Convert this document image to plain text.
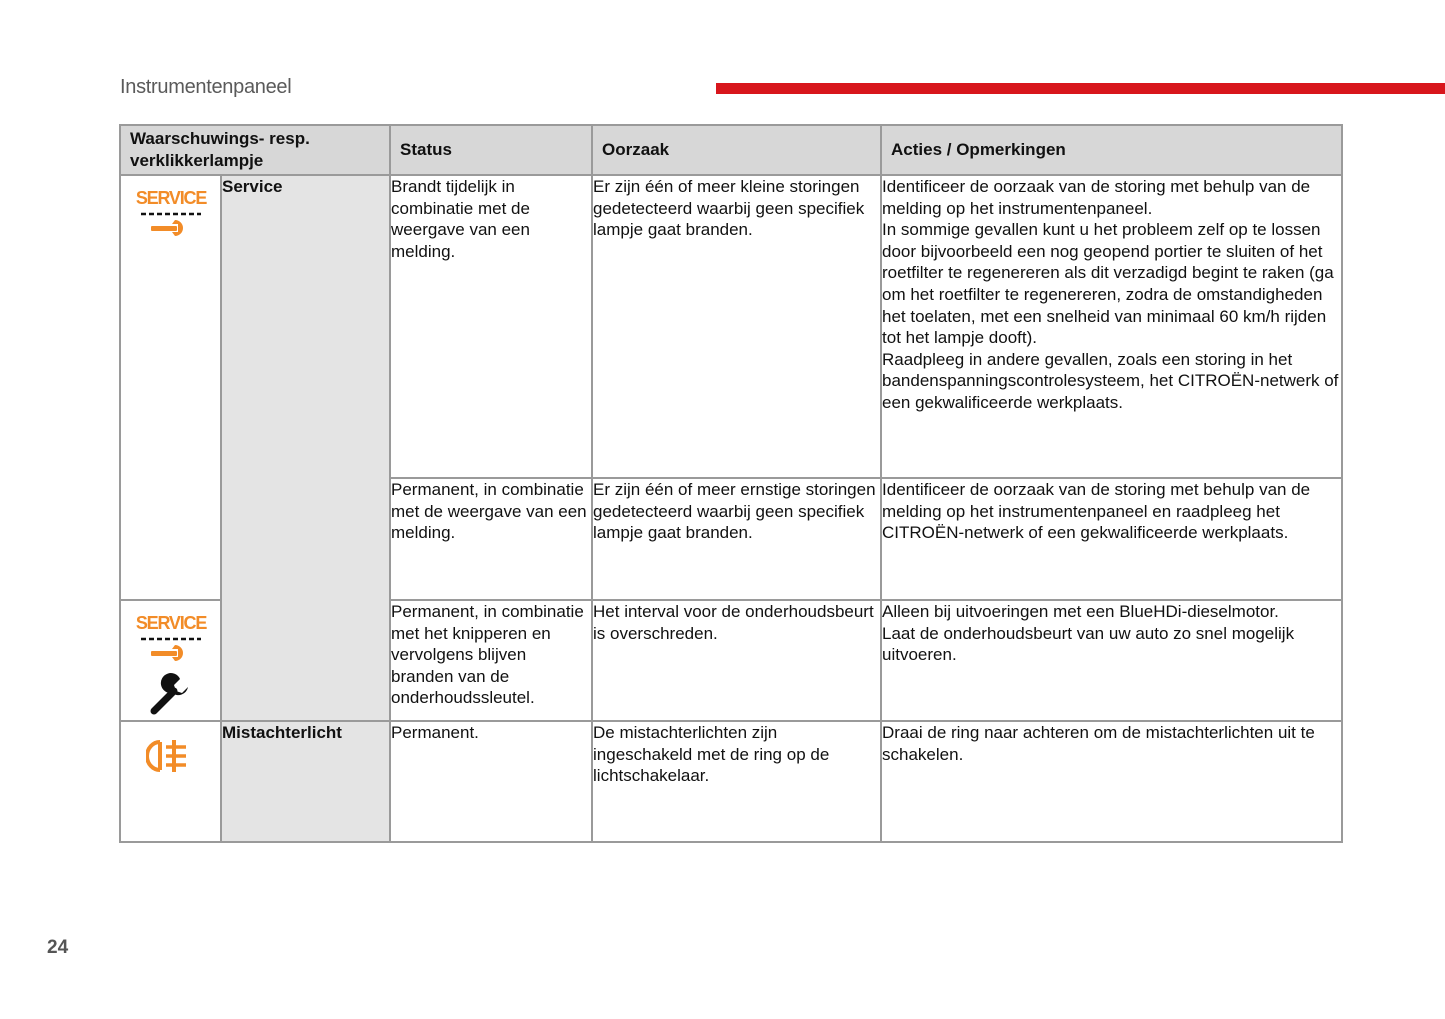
Instrumentenpaneel
Waarschuwings- resp. verklikkerlampje		Status	Oorzaak	Acties / Opmerkingen

SERVICE	Service	Brandt tijdelijk in combinatie met de weergave van een melding.	Er zijn één of meer kleine storingen gedetecteerd waarbij geen specifiek lampje gaat branden.	Identificeer de oorzaak van de storing met behulp van de melding op het instrumentenpaneel.
In sommige gevallen kunt u het probleem zelf op te lossen door bijvoorbeeld een nog geopend portier te sluiten of het roetfilter te regenereren als dit verzadigd begint te raken (ga om het roetfilter te regenereren, zodra de omstandigheden het toelaten, met een snelheid van minimaal 60 km/h rijden tot het lampje dooft).
Raadpleeg in andere gevallen, zoals een storing in het bandenspanningscontrolesysteem, het CITROËN-netwerk of een gekwalificeerde werkplaats.

		Permanent, in combinatie met de weergave van een melding.	Er zijn één of meer ernstige storingen gedetecteerd waarbij geen specifiek lampje gaat branden.	Identificeer de oorzaak van de storing met behulp van de melding op het instrumentenpaneel en raadpleeg het CITROËN-netwerk of een gekwalificeerde werkplaats.

SERVICE		Permanent, in combinatie met het knipperen en vervolgens blijven branden van de onderhoudssleutel.	Het interval voor de onderhoudsbeurt is overschreden.	Alleen bij uitvoeringen met een BlueHDi-dieselmotor.
Laat de onderhoudsbeurt van uw auto zo snel mogelijk uitvoeren.

	Mistachterlicht	Permanent.	De mistachterlichten zijn ingeschakeld met de ring op de lichtschakelaar.	Draai de ring naar achteren om de mistachterlichten uit te schakelen.
24
